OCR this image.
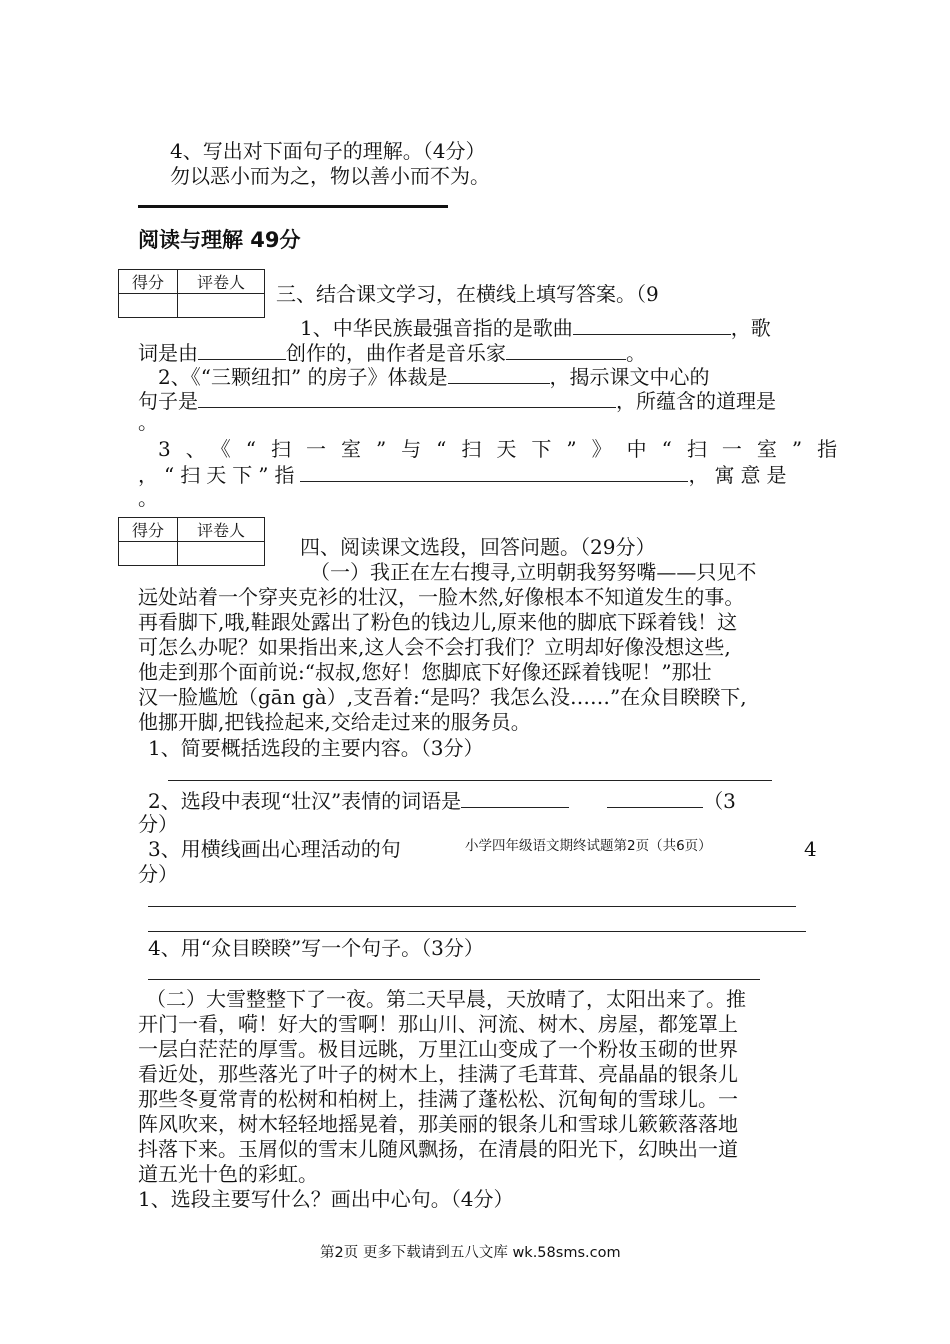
4、写出对下面句子的理解。（4分）
勿以恶小而为之，物以善小而不为。
阅读与理解 49分
得分	评卷人
	三、结合课文学习，在横线上填写答案。（9
1、中华民族最强音指的是歌曲	，歌
词是由	创作的，曲作者是音乐家	。
2、《“三颗纽扣” 的房子》体裁是	，揭示课文中心的
句子是	，所蕴含的道理是
。
3、《“扫一室”与“扫天下”》中“扫一室”指
，“扫天下”指	，寓意是
。
得分	评卷人

四、阅读课文选段，回答问题。（29分）
（一）我正在左右搜寻,立明朝我努努嘴——只见不
远处站着一个穿夹克衫的壮汉，一脸木然,好像根本不知道发生的事。
再看脚下,哦,鞋跟处露出了粉色的钱边儿,原来他的脚底下踩着钱！这
可怎么办呢？如果指出来,这人会不会打我们？立明却好像没想这些,
他走到那个面前说:“叔叔,您好！您脚底下好像还踩着钱呢！”那壮
汉一脸尴尬（gān gà）,支吾着:“是吗？我怎么没……”在众目睽睽下,
他挪开脚,把钱捡起来,交给走过来的服务员。
1、简要概括选段的主要内容。（3分）
2、选段中表现“壮汉”表情的词语是	（3
分）
3、用横线画出心理活动的句	小学四年级语文期终试题第2页（共6页）	4
分）
4、用“众目睽睽”写一个句子。（3分）
（二）大雪整整下了一夜。第二天早晨，天放晴了，太阳出来了。推
开门一看，嗬！好大的雪啊！那山川、河流、树木、房屋，都笼罩上
一层白茫茫的厚雪。极目远眺，万里江山变成了一个粉妆玉砌的世界
看近处，那些落光了叶子的树木上，挂满了毛茸茸、亮晶晶的银条儿
那些冬夏常青的松树和柏树上，挂满了蓬松松、沉甸甸的雪球儿。一
阵风吹来，树木轻轻地摇晃着，那美丽的银条儿和雪球儿簌簌落落地
抖落下来。玉屑似的雪末儿随风飘扬，在清晨的阳光下，幻映出一道
道五光十色的彩虹。
1、选段主要写什么？画出中心句。（4分）
第2页 更多下载请到五八文库 wk.58sms.com
